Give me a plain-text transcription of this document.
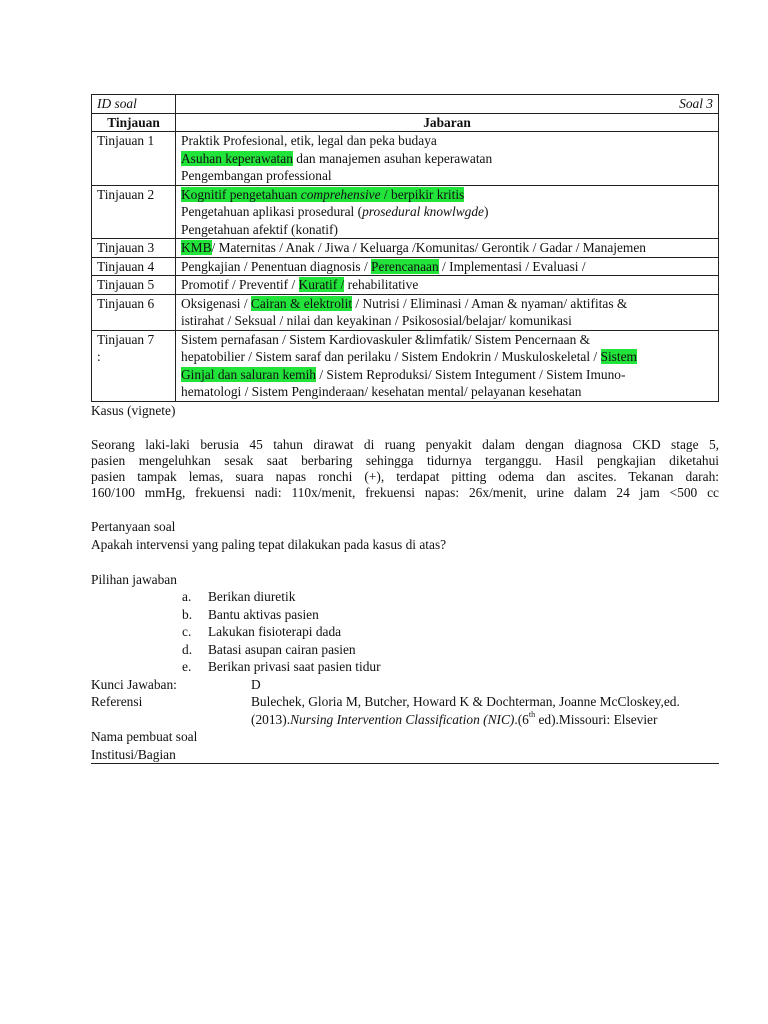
ID soal	Soal 3
Tinjauan	Jabaran

Tinjauan 1	Praktik Profesional, etik, legal dan peka budaya
Asuhan keperawatan dan manajemen asuhan keperawatan
Pengembangan professional

Tinjauan 2	Kognitif pengetahuan comprehensive / berpikir kritis
Pengetahuan aplikasi prosedural (prosedural knowlwgde)
Pengetahuan afektif (konatif)

Tinjauan 3	KMB/ Maternitas / Anak / Jiwa / Keluarga /Komunitas/ Gerontik / Gadar / Manajemen

Tinjauan 4	Pengkajian / Penentuan diagnosis / Perencanaan / Implementasi / Evaluasi /

Tinjauan 5	Promotif / Preventif / Kuratif / rehabilitative

Tinjauan 6	Oksigenasi / Cairan & elektrolit / Nutrisi / Eliminasi / Aman & nyaman/ aktifitas &
istirahat / Seksual / nilai dan keyakinan / Psikososial/belajar/ komunikasi

Tinjauan 7
:	Sistem pernafasan / Sistem Kardiovaskuler &limfatik/ Sistem Pencernaan &
hepatobilier / Sistem saraf dan perilaku / Sistem Endokrin / Muskuloskeletal / Sistem
Ginjal dan saluran kemih / Sistem Reproduksi/ Sistem Integument / Sistem Imuno-
hematologi / Sistem Penginderaan/ kesehatan mental/ pelayanan kesehatan
Kasus (vignete)
Seorang laki-laki berusia 45 tahun dirawat di ruang penyakit dalam dengan diagnosa CKD stage 5,
pasien mengeluhkan sesak saat berbaring sehingga tidurnya terganggu. Hasil pengkajian diketahui
pasien tampak lemas, suara napas ronchi (+), terdapat pitting odema dan ascites. Tekanan darah:
160/100 mmHg, frekuensi nadi: 110x/menit, frekuensi napas: 26x/menit, urine dalam 24 jam <500 cc
Pertanyaan soal
Apakah intervensi yang paling tepat dilakukan pada kasus di atas?
Pilihan jawaban
a.	Berikan diuretik
b.	Bantu aktivas pasien
c.	Lakukan fisioterapi dada
d.	Batasi asupan cairan pasien
e.	Berikan privasi saat pasien tidur
Kunci Jawaban:	D
Referensi	Bulechek, Gloria M, Butcher, Howard K & Dochterman, Joanne McCloskey,ed.
(2013).Nursing Intervention Classification (NIC).(6th ed).Missouri: Elsevier
Nama pembuat soal
Institusi/Bagian
